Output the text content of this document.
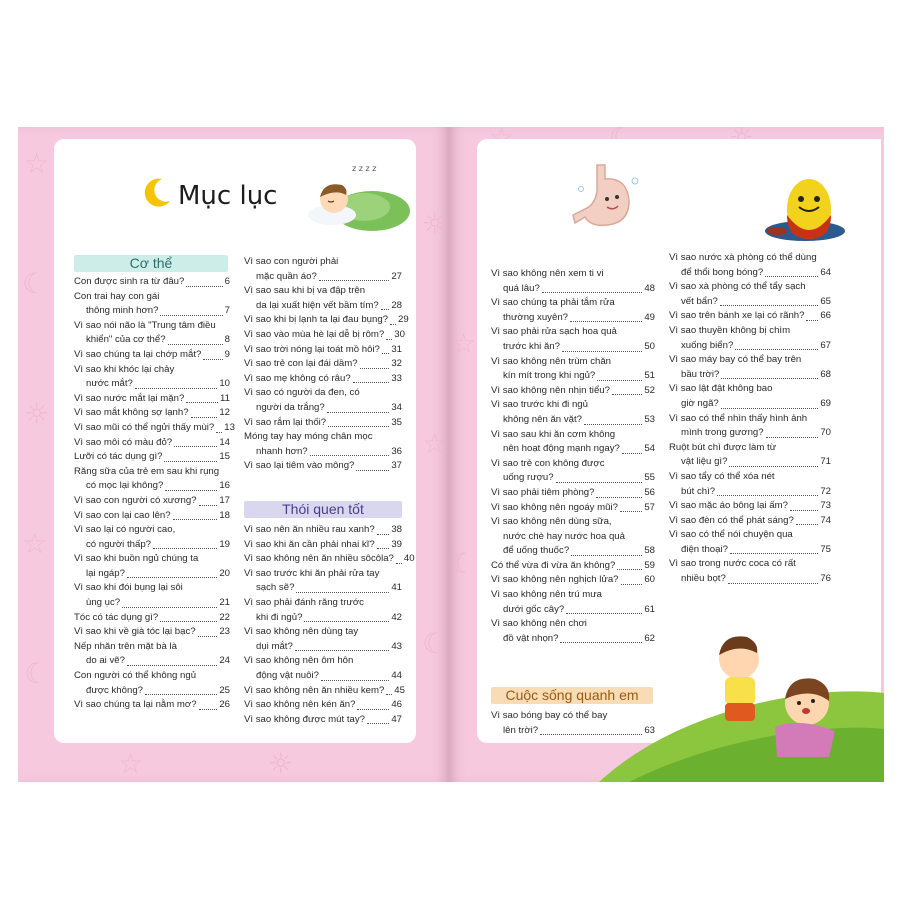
☆
☾
☼
☆
☾
☼
☆
☾
☆	☼
Mục lục
z z z z
Cơ thể
Con được sinh ra từ đâu?	6
Con trai hay con gái
thông minh hơn?	7
Vì sao nói não là "Trung tâm điều
khiển" của cơ thể?	8
Vì sao chúng ta lại chớp mắt? 9
Vì sao khi khóc lại chảy
nước mắt?	10
Vì sao nước mắt lại mặn?	11
Vì sao mắt không sợ lạnh?	12
Vì sao mũi có thể ngửi thấy mùi? 13
Vì sao môi có màu đỏ?	14
Lưỡi có tác dụng gì?	15
Răng sữa của trẻ em sau khi rụng
có mọc lại không?	16
Vì sao con người có xương? 17
Vì sao con lại cao lên?	18
Vì sao lại có người cao,
có người thấp?	19
Vì sao khi buồn ngủ chúng ta
lại ngáp?	20
Vì sao khi đói bụng lại sôi
ùng ục?	21
Tóc có tác dụng gì?	22
Vì sao khi về già tóc lại bạc? 23
Nếp nhăn trên mặt bà là
do ai vẽ?	24
Con người có thể không ngủ
được không?	25
Vì sao chúng ta lại nằm mơ? 26
Vì sao con người phải
mặc quần áo?	27
Vì sao sau khi bị va đập trên
da lại xuất hiện vết bầm tím? 28
Vì sao khi bị lạnh ta lại đau bụng? 29
Vì sao vào mùa hè lại dễ bị rôm? 30
Vì sao trời nóng lại toát mồ hôi? 31
Vì sao trẻ con lại đái dầm?	32
Vì sao mẹ không có râu?	33
Vì sao có người da đen, có
người da trắng?	34
Vì sao rắm lại thối?	35
Móng tay hay móng chân mọc
nhanh hơn?	36
Vì sao lại tiêm vào mông?	37
Thói quen tốt
Vì sao nên ăn nhiều rau xanh? 38
Vì sao khi ăn cần phải nhai kĩ? 39
Vì sao không nên ăn nhiều sôcôla? 40
Vì sao trước khi ăn phải rửa tay
sạch sẽ?	41
Vì sao phải đánh răng trước
khi đi ngủ?	42
Vì sao không nên dùng tay
dụi mắt?	43
Vì sao không nên ôm hôn
động vật nuôi?	44
Vì sao không nên ăn nhiều kem? 45
Vì sao không nên kén ăn?	46
Vì sao không được mút tay?	47
☆
☾
Vì sao không nên xem ti vi
quá lâu?	48
Vì sao chúng ta phải tắm rửa
thường xuyên?	49
Vì sao phải rửa sạch hoa quả
trước khi ăn?	50
Vì sao không nên trùm chăn
kín mít trong khi ngủ?	51
Vì sao không nên nhịn tiểu?	52
Vì sao trước khi đi ngủ
không nên ăn vặt?	53
Vì sao sau khi ăn cơm không
nên hoạt động mạnh ngay?	54
Vì sao trẻ con không được
uống rượu?	55
Vì sao phải tiêm phòng?	56
Vì sao không nên ngoáy mũi?	57
Vì sao không nên dùng sữa,
nước chè hay nước hoa quả
để uống thuốc?	58
Có thể vừa đi vừa ăn không?	59
Vì sao không nên nghịch lửa?	60
Vì sao không nên trú mưa
dưới gốc cây?	61
Vì sao không nên chơi
đồ vật nhọn?	62
Cuộc sống quanh em
Vì sao bóng bay có thể bay
lên trời?	63
Vì sao nước xà phòng có thể dùng
để thổi bong bóng?	64
Vì sao xà phòng có thể tẩy sạch
vết bẩn?	65
Vì sao trên bánh xe lại có rãnh? 66
Vì sao thuyền không bị chìm
xuống biển?	67
Vì sao máy bay có thể bay trên
bầu trời?	68
Vì sao lật đật không bao
giờ ngã?	69
Vì sao có thể nhìn thấy hình ảnh
mình trong gương?	70
Ruột bút chì được làm từ
vật liệu gì?	71
Vì sao tẩy có thể xóa nét
bút chì?	72
Vì sao mặc áo bông lại ấm?	73
Vì sao đèn có thể phát sáng?	74
Vì sao có thể nói chuyện qua
điện thoại?	75
Vì sao trong nước coca có rất
nhiều bọt?	76
